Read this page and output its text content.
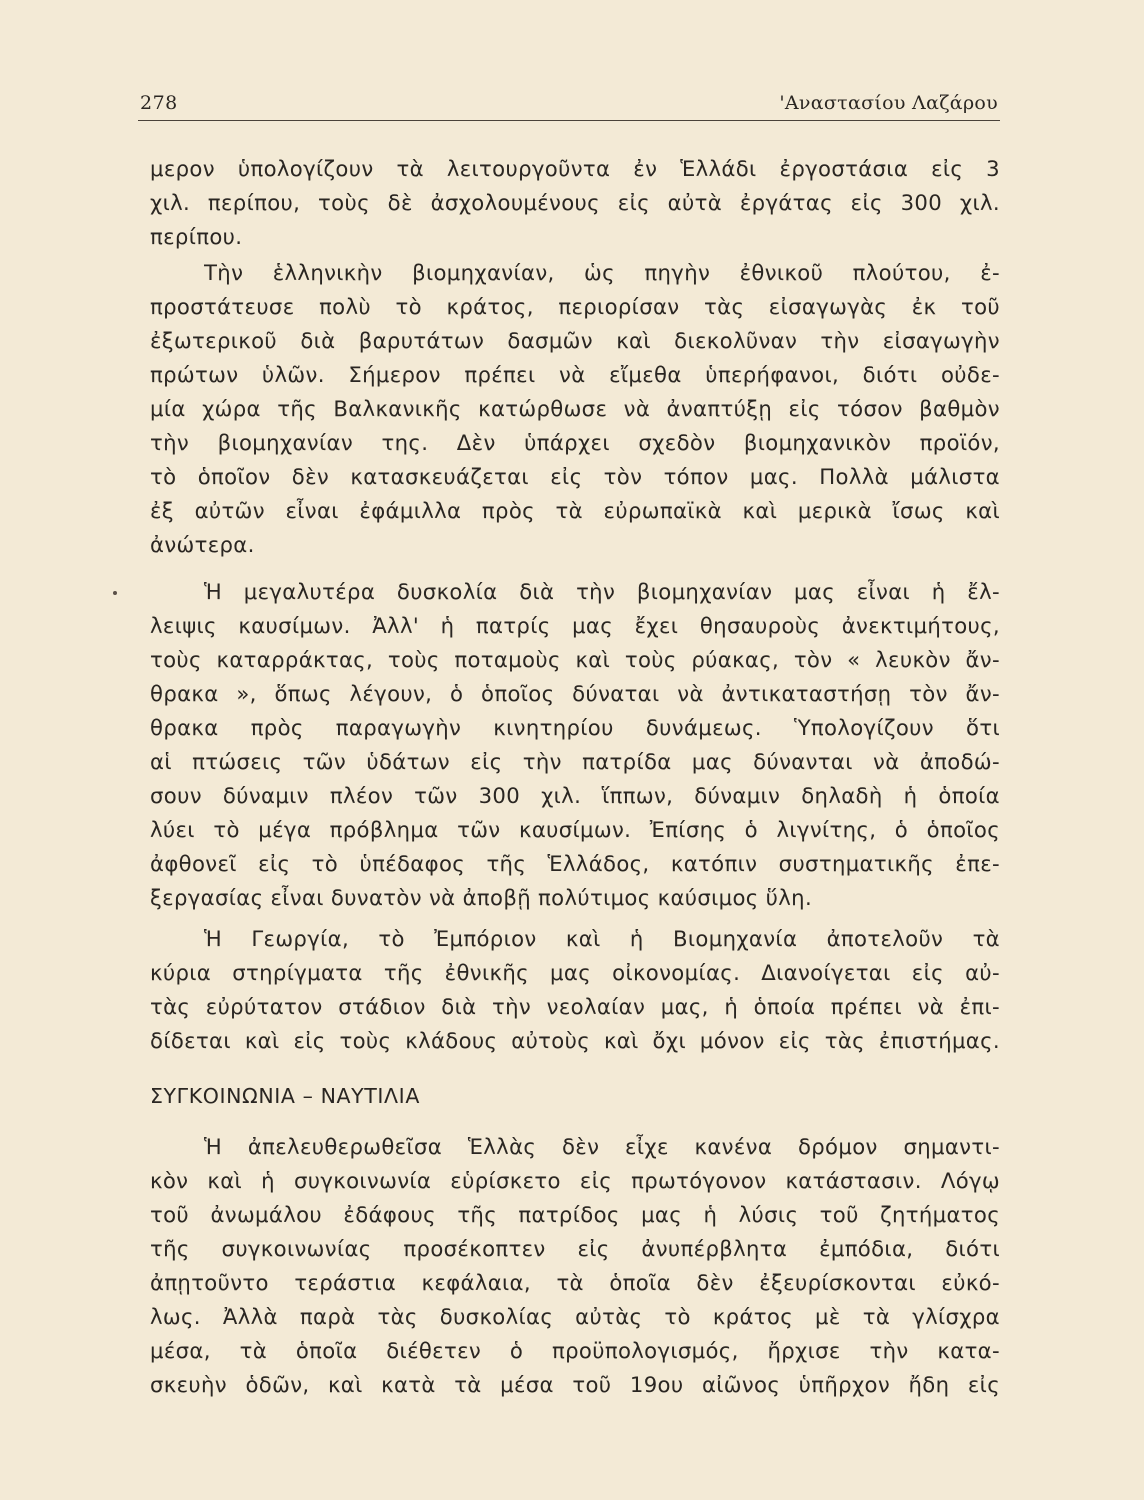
278	'Αναστασίου Λαζάρου

μερον ὑπολογίζουν τὰ λειτουργοῦντα ἐν Ἑλλάδι ἐργοστάσια εἰς 3

χιλ. περίπου, τοὺς δὲ ἀσχολουμένους εἰς αὐτὰ ἐργάτας εἰς 300 χιλ.

περίπου.

Τὴν ἑλληνικὴν βιομηχανίαν, ὡς πηγὴν ἐθνικοῦ πλούτου, ἐ-

προστάτευσε πολὺ τὸ κράτος, περιορίσαν τὰς εἰσαγωγὰς ἐκ τοῦ

ἐξωτερικοῦ διὰ βαρυτάτων δασμῶν καὶ διεκολῦναν τὴν εἰσαγωγὴν

πρώτων ὑλῶν. Σήμερον πρέπει νὰ εἴμεθα ὑπερήφανοι, διότι οὐδε-

μία χώρα τῆς Βαλκανικῆς κατώρθωσε νὰ ἀναπτύξῃ εἰς τόσον βαθμὸν

τὴν βιομηχανίαν της. Δὲν ὑπάρχει σχεδὸν βιομηχανικὸν προϊόν,

τὸ ὁποῖον δὲν κατασκευάζεται εἰς τὸν τόπον μας. Πολλὰ μάλιστα

ἐξ αὐτῶν εἶναι ἐφάμιλλα πρὸς τὰ εὐρωπαϊκὰ καὶ μερικὰ ἴσως καὶ

ἀνώτερα.

Ἡ μεγαλυτέρα δυσκολία διὰ τὴν βιομηχανίαν μας εἶναι ἡ ἔλ-

λειψις καυσίμων. Ἀλλ' ἡ πατρίς μας ἔχει θησαυροὺς ἀνεκτιμήτους,

τοὺς καταρράκτας, τοὺς ποταμοὺς καὶ τοὺς ρύακας, τὸν « λευκὸν ἄν-

θρακα », ὅπως λέγουν, ὁ ὁποῖος δύναται νὰ ἀντικαταστήσῃ τὸν ἄν-

θρακα πρὸς παραγωγὴν κινητηρίου δυνάμεως. Ὑπολογίζουν ὅτι

αἱ πτώσεις τῶν ὑδάτων εἰς τὴν πατρίδα μας δύνανται νὰ ἀποδώ-

σουν δύναμιν πλέον τῶν 300 χιλ. ἵππων, δύναμιν δηλαδὴ ἡ ὁποία

λύει τὸ μέγα πρόβλημα τῶν καυσίμων. Ἐπίσης ὁ λιγνίτης, ὁ ὁποῖος

ἀφθονεῖ εἰς τὸ ὑπέδαφος τῆς Ἑλλάδος, κατόπιν συστηματικῆς ἐπε-

ξεργασίας εἶναι δυνατὸν νὰ ἀποβῇ πολύτιμος καύσιμος ὕλη.

Ἡ Γεωργία, τὸ Ἐμπόριον καὶ ἡ Βιομηχανία ἀποτελοῦν τὰ

κύρια στηρίγματα τῆς ἐθνικῆς μας οἰκονομίας. Διανοίγεται εἰς αὐ-

τὰς εὐρύτατον στάδιον διὰ τὴν νεολαίαν μας, ἡ ὁποία πρέπει νὰ ἐπι-

δίδεται καὶ εἰς τοὺς κλάδους αὐτοὺς καὶ ὄχι μόνον εἰς τὰς ἐπιστήμας.

ΣΥΓΚΟΙΝΩΝΙΑ – ΝΑΥΤΙΛΙΑ

Ἡ ἀπελευθερωθεῖσα Ἑλλὰς δὲν εἶχε κανένα δρόμον σημαντι-

κὸν καὶ ἡ συγκοινωνία εὑρίσκετο εἰς πρωτόγονον κατάστασιν. Λόγῳ

τοῦ ἀνωμάλου ἐδάφους τῆς πατρίδος μας ἡ λύσις τοῦ ζητήματος

τῆς συγκοινωνίας προσέκοπτεν εἰς ἀνυπέρβλητα ἐμπόδια, διότι

ἀπῃτοῦντο τεράστια κεφάλαια, τὰ ὁποῖα δὲν ἐξευρίσκονται εὐκό-

λως. Ἀλλὰ παρὰ τὰς δυσκολίας αὐτὰς τὸ κράτος μὲ τὰ γλίσχρα

μέσα, τὰ ὁποῖα διέθετεν ὁ προϋπολογισμός, ἤρχισε τὴν κατα-

σκευὴν ὁδῶν, καὶ κατὰ τὰ μέσα τοῦ 19ου αἰῶνος ὑπῆρχον ἤδη εἰς
